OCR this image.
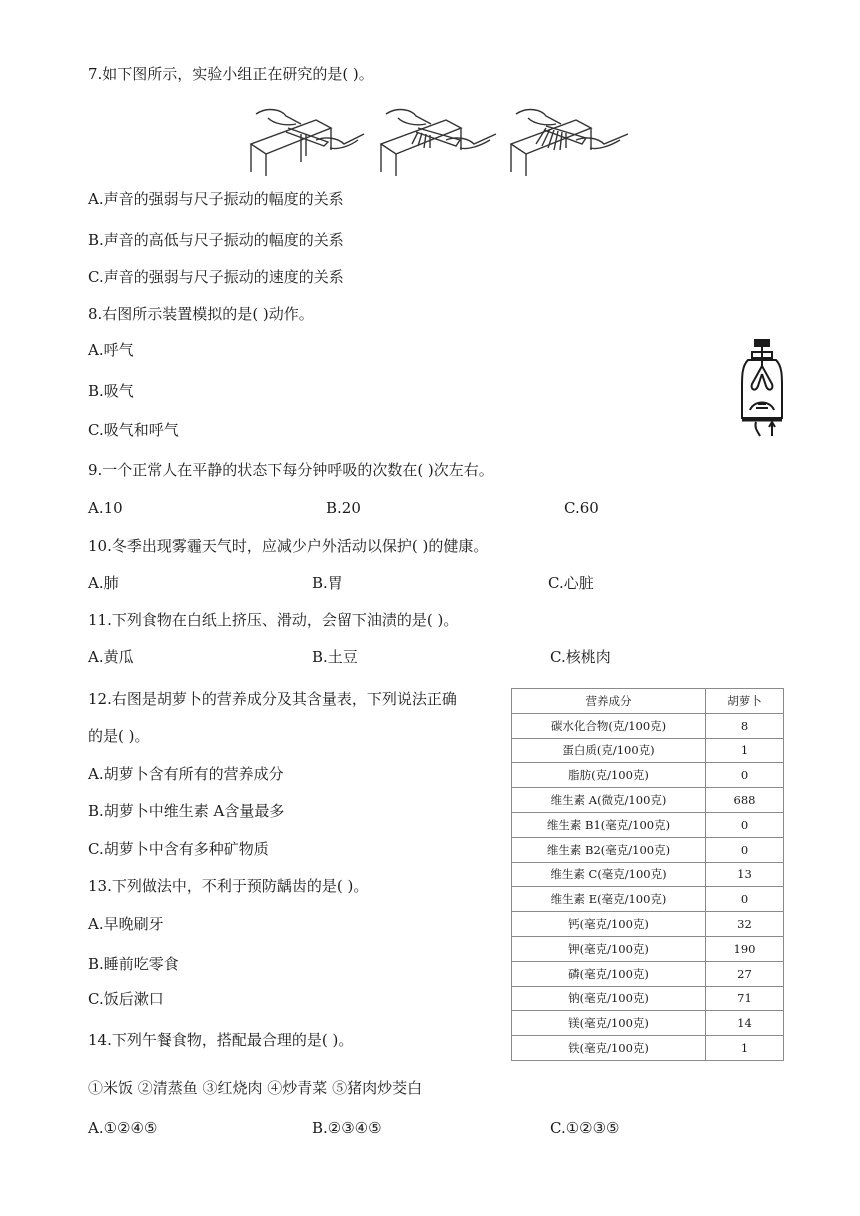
7.如下图所示，实验小组正在研究的是( )。
A.声音的强弱与尺子振动的幅度的关系
B.声音的高低与尺子振动的幅度的关系
C.声音的强弱与尺子振动的速度的关系
8.右图所示装置模拟的是( )动作。
A.呼气
B.吸气
C.吸气和呼气
9.一个正常人在平静的状态下每分钟呼吸的次数在( )次左右。
A.10	B.20	C.60
10.冬季出现雾霾天气时，应减少户外活动以保护( )的健康。
A.肺	B.胃	C.心脏
11.下列食物在白纸上挤压、滑动，会留下油渍的是( )。
A.黄瓜	B.土豆	C.核桃肉
12.右图是胡萝卜的营养成分及其含量表，下列说法正确
的是( )。
A.胡萝卜含有所有的营养成分
B.胡萝卜中维生素 A含量最多
C.胡萝卜中含有多种矿物质
营养成分	胡萝卜
碳水化合物(克/100克)	8
蛋白质(克/100克)	1
脂肪(克/100克)	0
维生素 A(微克/100克)	688
维生素 B1(毫克/100克)	0
维生素 B2(毫克/100克)	0
维生素 C(毫克/100克)	13
维生素 E(毫克/100克)	0
钙(毫克/100克)	32
钾(毫克/100克)	190
磷(毫克/100克)	27
钠(毫克/100克)	71
镁(毫克/100克)	14
铁(毫克/100克)	1
13.下列做法中，不利于预防龋齿的是( )。
A.早晚刷牙
B.睡前吃零食
C.饭后漱口
14.下列午餐食物，搭配最合理的是( )。
①米饭 ②清蒸鱼 ③红烧肉 ④炒青菜 ⑤猪肉炒茭白
A.①②④⑤	B.②③④⑤	C.①②③⑤
